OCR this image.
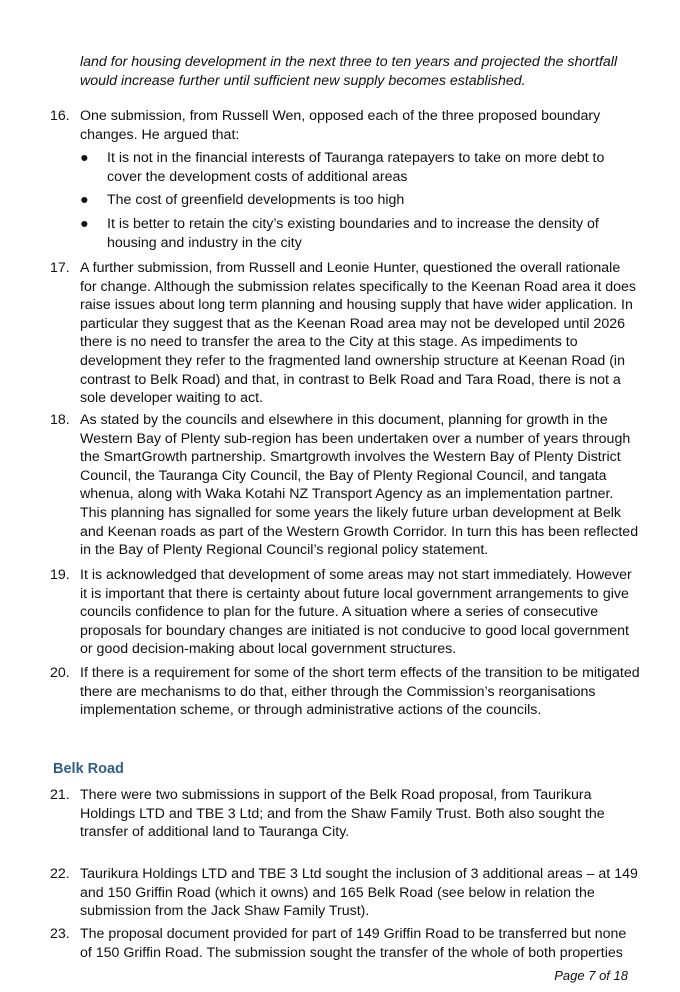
land for housing development in the next three to ten years and projected the shortfall would increase further until sufficient new supply becomes established.
16. One submission, from Russell Wen, opposed each of the three proposed boundary changes. He argued that:
● It is not in the financial interests of Tauranga ratepayers to take on more debt to cover the development costs of additional areas
● The cost of greenfield developments is too high
● It is better to retain the city’s existing boundaries and to increase the density of housing and industry in the city
17. A further submission, from Russell and Leonie Hunter, questioned the overall rationale for change. Although the submission relates specifically to the Keenan Road area it does raise issues about long term planning and housing supply that have wider application. In particular they suggest that as the Keenan Road area may not be developed until 2026 there is no need to transfer the area to the City at this stage. As impediments to development they refer to the fragmented land ownership structure at Keenan Road (in contrast to Belk Road) and that, in contrast to Belk Road and Tara Road, there is not a sole developer waiting to act.
18. As stated by the councils and elsewhere in this document, planning for growth in the Western Bay of Plenty sub-region has been undertaken over a number of years through the SmartGrowth partnership. Smartgrowth involves the Western Bay of Plenty District Council, the Tauranga City Council, the Bay of Plenty Regional Council, and tangata whenua, along with Waka Kotahi NZ Transport Agency as an implementation partner. This planning has signalled for some years the likely future urban development at Belk and Keenan roads as part of the Western Growth Corridor. In turn this has been reflected in the Bay of Plenty Regional Council’s regional policy statement.
19. It is acknowledged that development of some areas may not start immediately. However it is important that there is certainty about future local government arrangements to give councils confidence to plan for the future. A situation where a series of consecutive proposals for boundary changes are initiated is not conducive to good local government or good decision-making about local government structures.
20. If there is a requirement for some of the short term effects of the transition to be mitigated there are mechanisms to do that, either through the Commission’s reorganisations implementation scheme, or through administrative actions of the councils.
Belk Road
21. There were two submissions in support of the Belk Road proposal, from Taurikura Holdings LTD and TBE 3 Ltd; and from the Shaw Family Trust. Both also sought the transfer of additional land to Tauranga City.
22. Taurikura Holdings LTD and TBE 3 Ltd sought the inclusion of 3 additional areas – at 149 and 150 Griffin Road (which it owns) and 165 Belk Road (see below in relation the submission from the Jack Shaw Family Trust).
23. The proposal document provided for part of 149 Griffin Road to be transferred but none of 150 Griffin Road. The submission sought the transfer of the whole of both properties
Page 7 of 18
